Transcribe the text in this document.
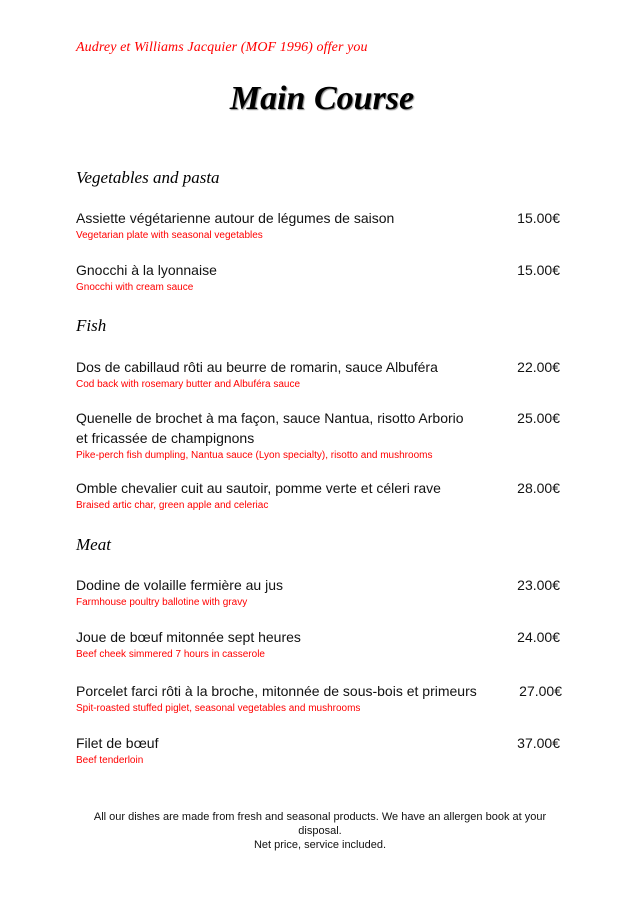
Audrey et Williams Jacquier (MOF 1996) offer you
Main Course
Vegetables and pasta
Assiette végétarienne autour de légumes de saison
Vegetarian plate with seasonal vegetables
15.00€
Gnocchi à la lyonnaise
Gnocchi with cream sauce
15.00€
Fish
Dos de cabillaud rôti au beurre de romarin, sauce Albuféra
Cod back with rosemary butter and Albuféra sauce
22.00€
Quenelle de brochet à ma façon, sauce Nantua, risotto Arborio et fricassée de champignons
Pike-perch fish dumpling, Nantua sauce (Lyon specialty), risotto and mushrooms
25.00€
Omble chevalier cuit au sautoir, pomme verte et céleri rave
Braised artic char, green apple and celeriac
28.00€
Meat
Dodine de volaille fermière au jus
Farmhouse poultry ballotine with gravy
23.00€
Joue de bœuf mitonnée sept heures
Beef cheek simmered 7 hours in casserole
24.00€
Porcelet farci rôti à la broche, mitonnée de sous-bois et primeurs
Spit-roasted stuffed piglet, seasonal vegetables and mushrooms
27.00€
Filet de bœuf
Beef tenderloin
37.00€
All our dishes are made from fresh and seasonal products. We have an allergen book at your disposal.
Net price, service included.
